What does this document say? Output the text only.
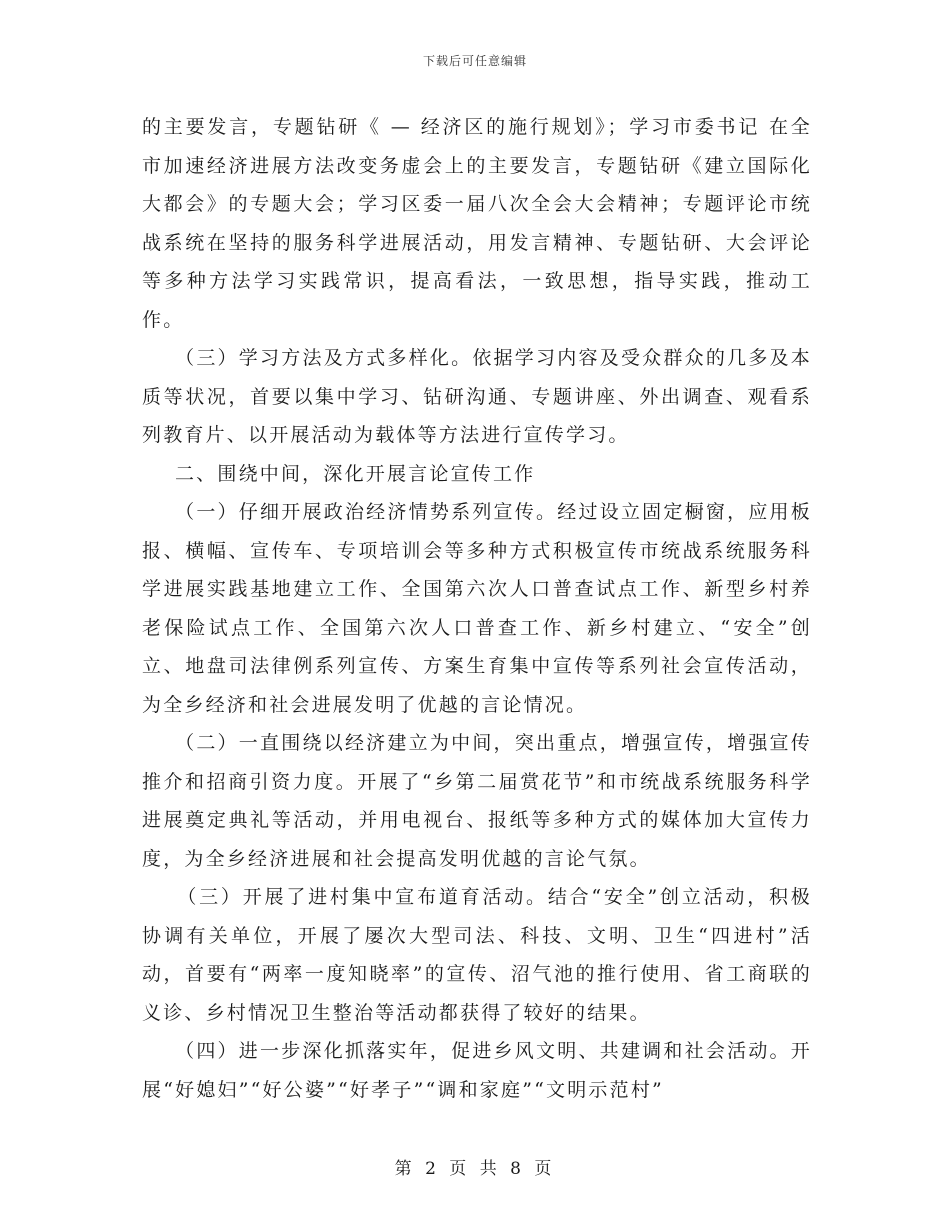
下载后可任意编辑

的主要发言，专题钻研《 — 经济区的施行规划》；学习市委书记 在全市加速经济进展方法改变务虚会上的主要发言，专题钻研《建立国际化大都会》的专题大会；学习区委一届八次全会大会精神；专题评论市统战系统在坚持的服务科学进展活动，用发言精神、专题钻研、大会评论等多种方法学习实践常识，提高看法，一致思想，指导实践，推动工作。

（三）学习方法及方式多样化。依据学习内容及受众群众的几多及本质等状况，首要以集中学习、钻研沟通、专题讲座、外出调查、观看系列教育片、以开展活动为载体等方法进行宣传学习。

二、围绕中间，深化开展言论宣传工作

（一）仔细开展政治经济情势系列宣传。经过设立固定橱窗，应用板报、横幅、宣传车、专项培训会等多种方式积极宣传市统战系统服务科学进展实践基地建立工作、全国第六次人口普查试点工作、新型乡村养老保险试点工作、全国第六次人口普查工作、新乡村建立、“安全”创立、地盘司法律例系列宣传、方案生育集中宣传等系列社会宣传活动，为全乡经济和社会进展发明了优越的言论情况。

（二）一直围绕以经济建立为中间，突出重点，增强宣传，增强宣传推介和招商引资力度。开展了“乡第二届赏花节”和市统战系统服务科学进展奠定典礼等活动，并用电视台、报纸等多种方式的媒体加大宣传力度，为全乡经济进展和社会提高发明优越的言论气氛。

（三）开展了进村集中宣布道育活动。结合“安全”创立活动，积极协调有关单位，开展了屡次大型司法、科技、文明、卫生“四进村”活动，首要有“两率一度知晓率”的宣传、沼气池的推行使用、省工商联的义诊、乡村情况卫生整治等活动都获得了较好的结果。

（四）进一步深化抓落实年，促进乡风文明、共建调和社会活动。开展“好媳妇”“好公婆”“好孝子”“调和家庭”“文明示范村”

第 2 页 共 8 页
